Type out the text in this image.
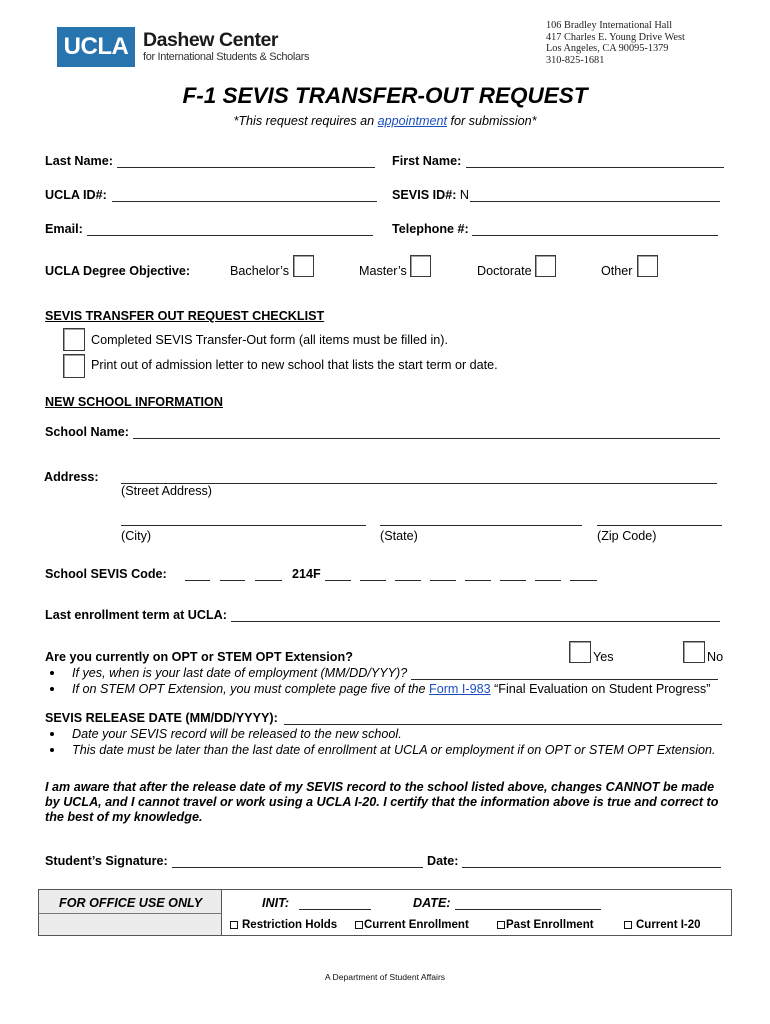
UCLA Dashew Center
for International Students & Scholars
106 Bradley International Hall
417 Charles E. Young Drive West
Los Angeles, CA 90095-1379
310-825-1681
F-1 SEVIS TRANSFER-OUT REQUEST
*This request requires an appointment for submission*
Last Name:	First Name:
UCLA ID#:	SEVIS ID#: N
Email:	Telephone #:
UCLA Degree Objective:	Bachelor’s	Master’s	Doctorate	Other
SEVIS TRANSFER OUT REQUEST CHECKLIST
Completed SEVIS Transfer-Out form (all items must be filled in).
Print out of admission letter to new school that lists the start term or date.
NEW SCHOOL INFORMATION
School Name:
Address:
(Street Address)
(City)	(State)	(Zip Code)
School SEVIS Code:	214F
Last enrollment term at UCLA:
Are you currently on OPT or STEM OPT Extension?	Yes	No
If yes, when is your last date of employment (MM/DD/YYY)?
If on STEM OPT Extension, you must complete page five of the Form I-983 “Final Evaluation on Student Progress”
SEVIS RELEASE DATE (MM/DD/YYYY):
Date your SEVIS record will be released to the new school.
This date must be later than the last date of enrollment at UCLA or employment if on OPT or STEM OPT Extension.
I am aware that after the release date of my SEVIS record to the school listed above, changes CANNOT be made
by UCLA, and I cannot travel or work using a UCLA I-20. I certify that the information above is true and correct to
the best of my knowledge.
Student’s Signature:	Date:
FOR OFFICE USE ONLY	INIT:	DATE:
Restriction Holds Current Enrollment	Past Enrollment	Current I-20
A Department of Student Affairs
